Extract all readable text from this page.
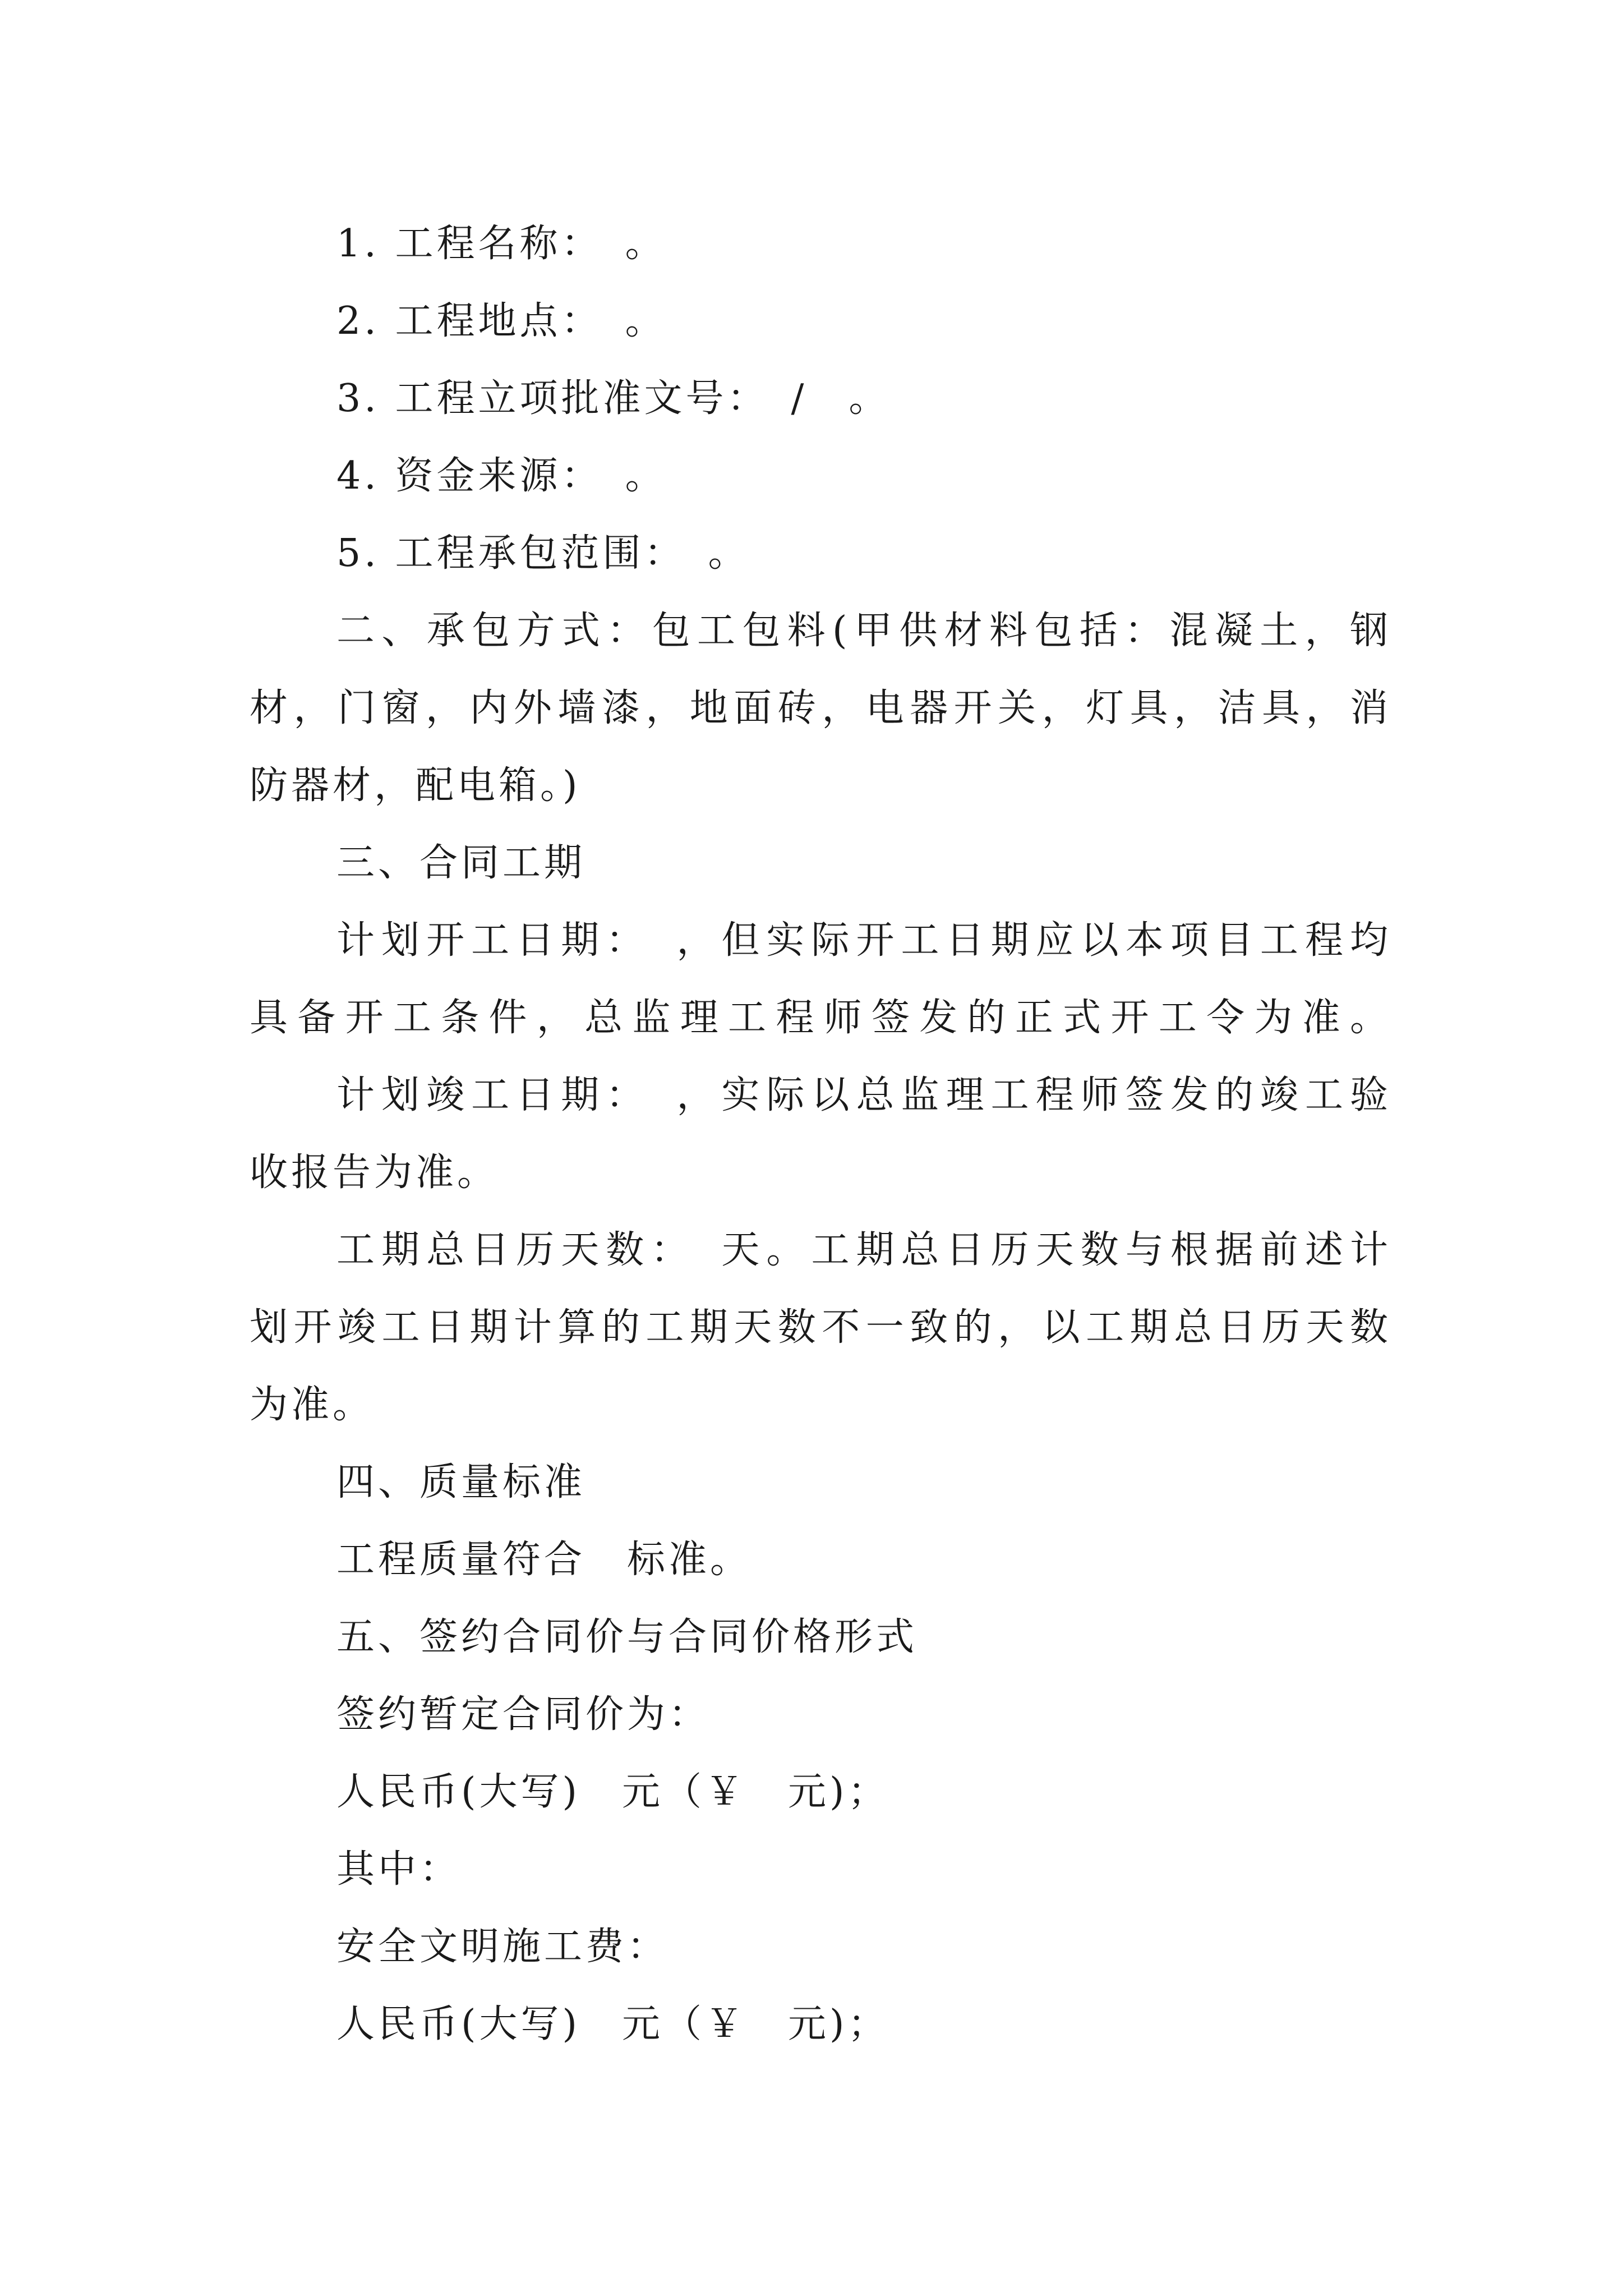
1. 工程名称：　。
2. 工程地点：　。
3. 工程立项批准文号：　/　。
4. 资金来源：　。
5. 工程承包范围：　。
二、承包方式：包工包料(甲供材料包括：混凝土，钢
材，门窗，内外墙漆，地面砖，电器开关，灯具，洁具，消
防器材，配电箱。)
三、合同工期
计划开工日期：　，但实际开工日期应以本项目工程均
具备开工条件，总监理工程师签发的正式开工令为准。
计划竣工日期：　，实际以总监理工程师签发的竣工验
收报告为准。
工期总日历天数：　天。工期总日历天数与根据前述计
划开竣工日期计算的工期天数不一致的，以工期总日历天数
为准。
四、质量标准
工程质量符合　标准。
五、签约合同价与合同价格形式
签约暂定合同价为：
人民币(大写)　元（￥　元)；
其中：
安全文明施工费：
人民币(大写)　元（￥　元)；
